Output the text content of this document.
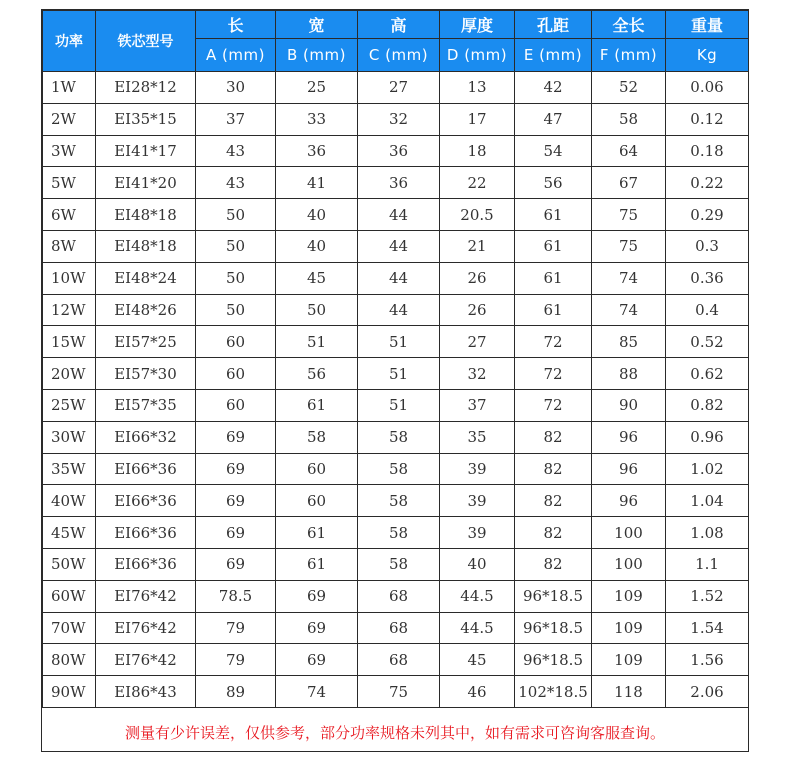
功率	铁芯型号	长	宽	高	厚度	孔距	全长	重量
		A (mm)	B (mm)	C (mm)	D (mm)	E (mm)	F (mm)	Kg
1W	EI28*12	30	25	27	13	42	52	0.06
2W	EI35*15	37	33	32	17	47	58	0.12
3W	EI41*17	43	36	36	18	54	64	0.18
5W	EI41*20	43	41	36	22	56	67	0.22
6W	EI48*18	50	40	44	20.5	61	75	0.29
8W	EI48*18	50	40	44	21	61	75	0.3
10W	EI48*24	50	45	44	26	61	74	0.36
12W	EI48*26	50	50	44	26	61	74	0.4
15W	EI57*25	60	51	51	27	72	85	0.52
20W	EI57*30	60	56	51	32	72	88	0.62
25W	EI57*35	60	61	51	37	72	90	0.82
30W	EI66*32	69	58	58	35	82	96	0.96
35W	EI66*36	69	60	58	39	82	96	1.02
40W	EI66*36	69	60	58	39	82	96	1.04
45W	EI66*36	69	61	58	39	82	100	1.08
50W	EI66*36	69	61	58	40	82	100	1.1
60W	EI76*42	78.5	69	68	44.5	96*18.5	109	1.52
70W	EI76*42	79	69	68	44.5	96*18.5	109	1.54
80W	EI76*42	79	69	68	45	96*18.5	109	1.56
90W	EI86*43	89	74	75	46	102*18.5	118	2.06
测量有少许误差，仅供参考，部分功率规格未列其中，如有需求可咨询客服查询。
